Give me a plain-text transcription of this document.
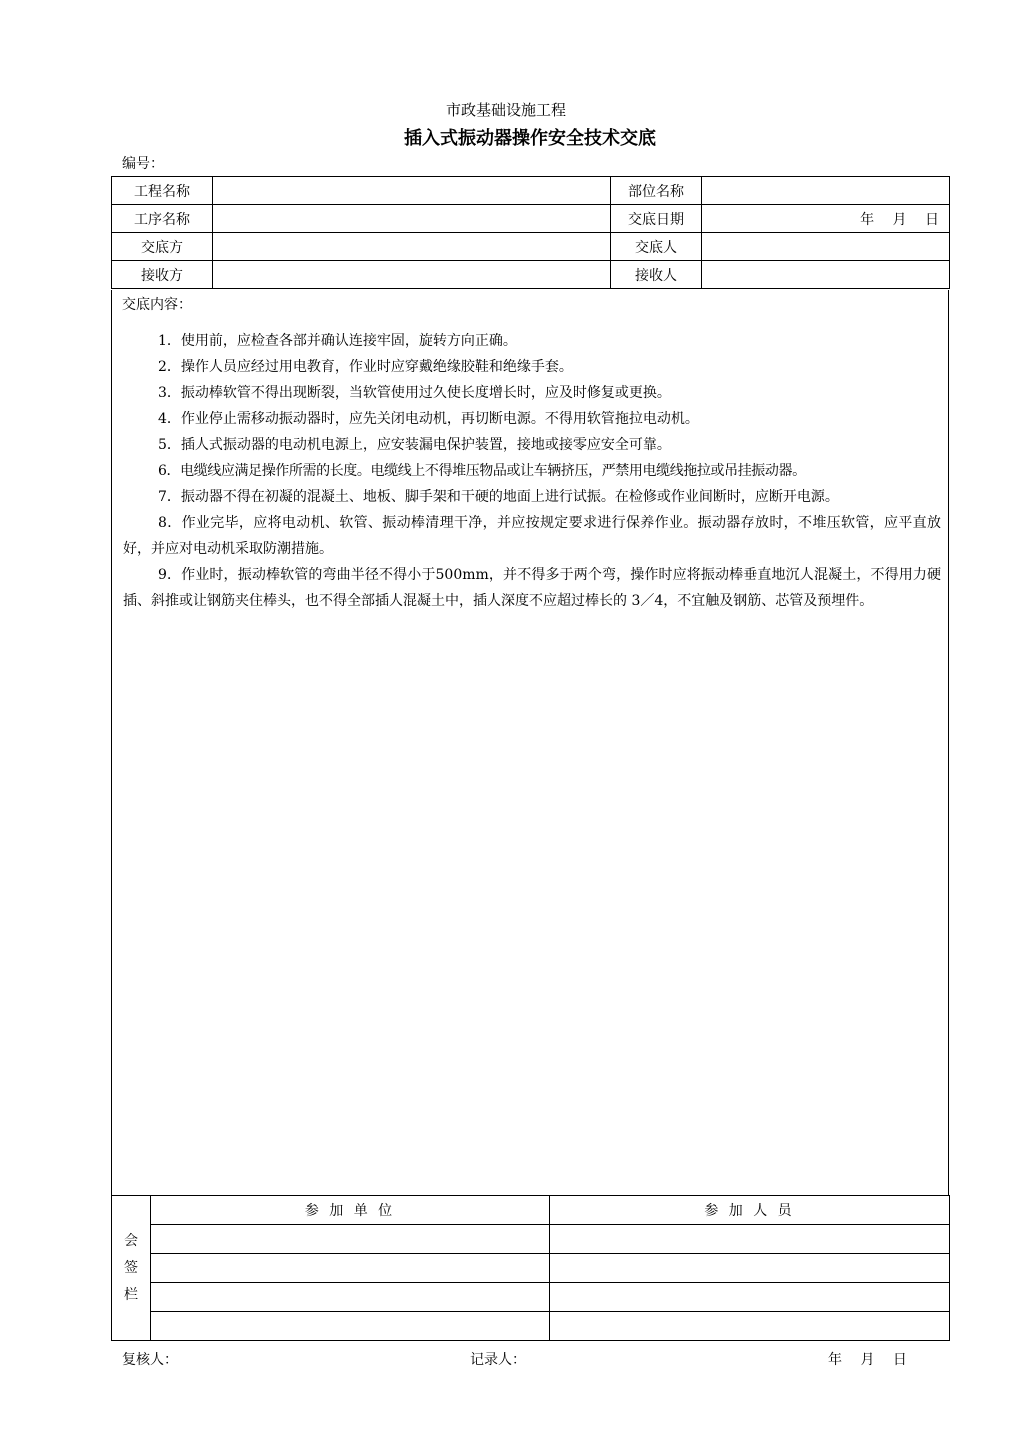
市政基础设施工程
插入式振动器操作安全技术交底
编号：
工程名称		部位名称	
工序名称		交底日期	年　 月　 日
交底方		交底人	
接收方		接收人	
交底内容：

1．使用前，应检查各部并确认连接牢固，旋转方向正确。

2．操作人员应经过用电教育，作业时应穿戴绝缘胶鞋和绝缘手套。

3．振动棒软管不得出现断裂，当软管使用过久使长度增长时，应及时修复或更换。

4．作业停止需移动振动器时，应先关闭电动机，再切断电源。不得用软管拖拉电动机。

5．插人式振动器的电动机电源上，应安装漏电保护装置，接地或接零应安全可靠。

6．电缆线应满足操作所需的长度。电缆线上不得堆压物品或让车辆挤压，严禁用电缆线拖拉或吊挂振动器。

7．振动器不得在初凝的混凝土、地板、脚手架和干硬的地面上进行试振。在检修或作业间断时，应断开电源。

8．作业完毕，应将电动机、软管、振动棒清理干净，并应按规定要求进行保养作业。振动器存放时，不堆压软管，应平直放好，并应对电动机采取防潮措施。

9．作业时，振动棒软管的弯曲半径不得小于500mm，并不得多于两个弯，操作时应将振动棒垂直地沉人混凝土，不得用力硬插、斜推或让钢筋夹住棒头，也不得全部插人混凝土中，插人深度不应超过棒长的 3／4，不宜触及钢筋、芯管及预埋件。

会
签
栏	参 加 单 位	参 加 人 员

复核人：	记录人：	年　 月　 日
